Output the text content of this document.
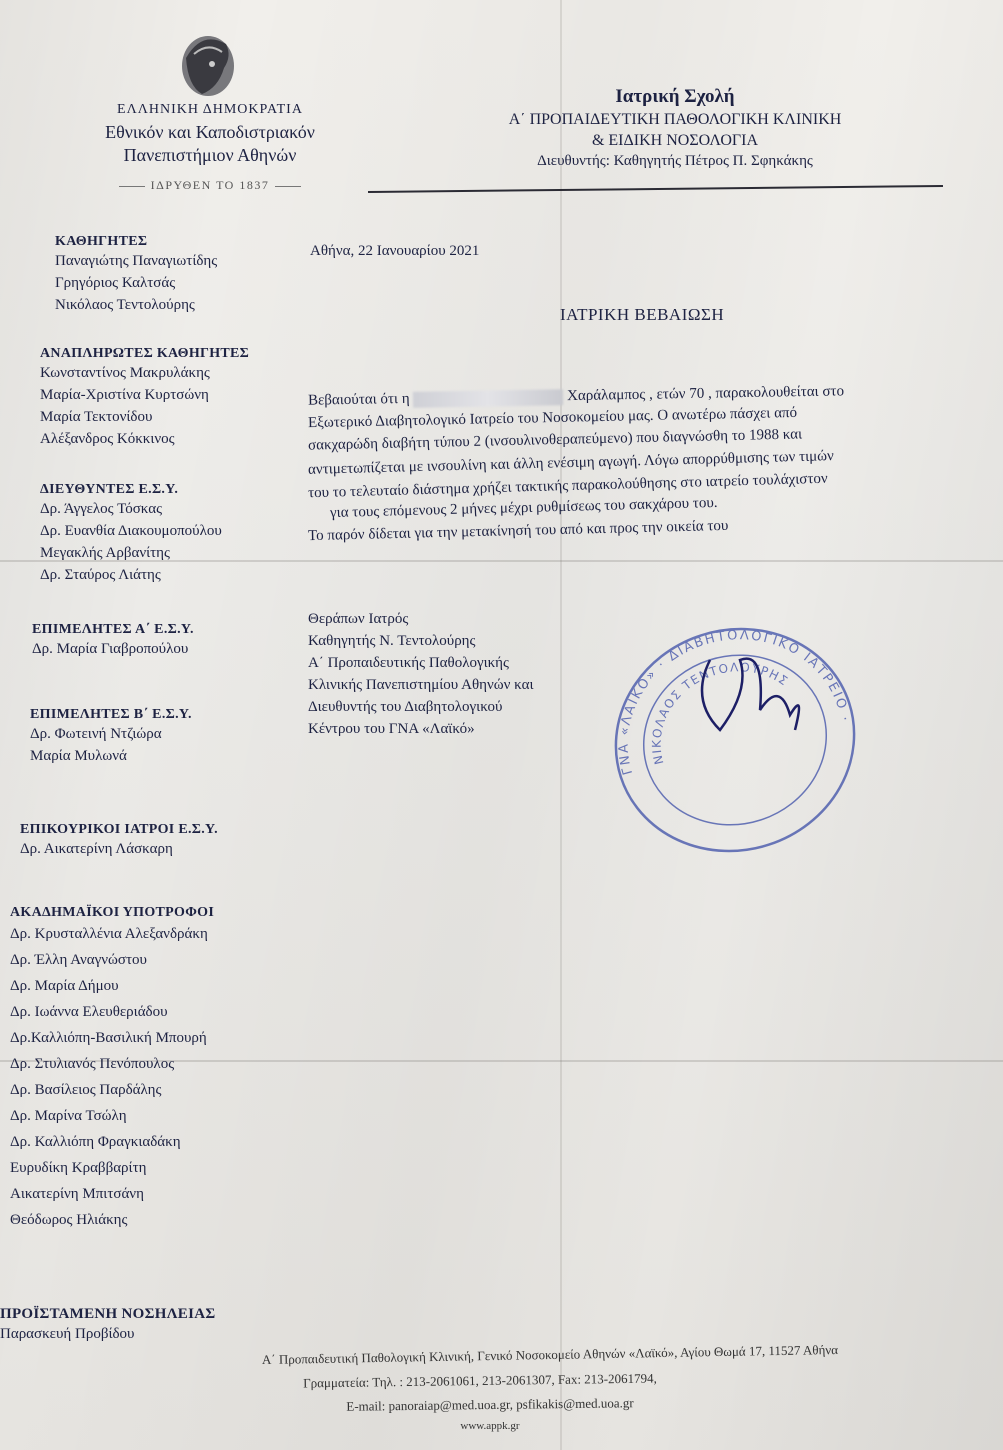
ΕΛΛΗΝΙΚΗ ΔΗΜΟΚΡΑΤΙΑ
Εθνικόν και Καποδιστριακόν
Πανεπιστήμιον Αθηνών
ΙΔΡΥΘΕΝ ΤΟ 1837
Ιατρική Σχολή
Α΄ ΠΡΟΠΑΙΔΕΥΤΙΚΗ ΠΑΘΟΛΟΓΙΚΗ ΚΛΙΝΙΚΗ
& ΕΙΔΙΚΗ ΝΟΣΟΛΟΓΙΑ
Διευθυντής: Καθηγητής Πέτρος Π. Σφηκάκης
ΚΑΘΗΓΗΤΕΣ
Παναγιώτης Παναγιωτίδης
Γρηγόριος Καλτσάς
Νικόλαος Τεντολούρης
ΑΝΑΠΛΗΡΩΤΕΣ ΚΑΘΗΓΗΤΕΣ
Κωνσταντίνος Μακρυλάκης
Μαρία-Χριστίνα Κυρτσώνη
Μαρία Τεκτονίδου
Αλέξανδρος Κόκκινος
ΔΙΕΥΘΥΝΤΕΣ Ε.Σ.Υ.
Δρ. Άγγελος Τόσκας
Δρ. Ευανθία Διακουμοπούλου
Μεγακλής Αρβανίτης
Δρ. Σταύρος Λιάτης
ΕΠΙΜΕΛΗΤΕΣ Α΄ Ε.Σ.Υ.
Δρ. Μαρία Γιαβροπούλου
ΕΠΙΜΕΛΗΤΕΣ Β΄ Ε.Σ.Υ.
Δρ. Φωτεινή Ντζιώρα
Μαρία Μυλωνά
ΕΠΙΚΟΥΡΙΚΟΙ ΙΑΤΡΟΙ Ε.Σ.Υ.
Δρ. Αικατερίνη Λάσκαρη
ΑΚΑΔΗΜΑΪΚΟΙ ΥΠΟΤΡΟΦΟΙ
Δρ. Κρυσταλλένια Αλεξανδράκη
Δρ. Έλλη Αναγνώστου
Δρ. Μαρία Δήμου
Δρ. Ιωάννα Ελευθεριάδου
Δρ.Καλλιόπη-Βασιλική Μπουρή
Δρ. Στυλιανός Πενόπουλος
Δρ. Βασίλειος Παρδάλης
Δρ. Μαρίνα Τσώλη
Δρ. Καλλιόπη Φραγκιαδάκη
Ευρυδίκη Κραββαρίτη
Αικατερίνη Μπιτσάνη
Θεόδωρος Ηλιάκης
ΠΡΟΪΣΤΑΜΕΝΗ ΝΟΣΗΛΕΙΑΣ
Παρασκευή Προβίδου
Αθήνα, 22 Ιανουαρίου 2021
ΙΑΤΡΙΚΗ ΒΕΒΑΙΩΣΗ
Βεβαιούται ότι η	Χαράλαμπος , ετών 70 , παρακολουθείται στο
Εξωτερικό Διαβητολογικό Ιατρείο του Νοσοκομείου μας. Ο ανωτέρω πάσχει από
σακχαρώδη διαβήτη τύπου 2 (ινσουλινοθεραπεύμενο) που διαγνώσθη το 1988 και
αντιμετωπίζεται με ινσουλίνη και άλλη ενέσιμη αγωγή. Λόγω απορρύθμισης των τιμών
του το τελευταίο διάστημα χρήζει τακτικής παρακολούθησης στο ιατρείο τουλάχιστον
για τους επόμενους 2 μήνες μέχρι ρυθμίσεως του σακχάρου του.
Το παρόν δίδεται για την μετακίνησή του από και προς την οικεία του
Θεράπων Ιατρός
Καθηγητής Ν. Τεντολούρης
Α΄ Προπαιδευτικής Παθολογικής
Κλινικής Πανεπιστημίου Αθηνών και
Διευθυντής του Διαβητολογικού
Κέντρου του ΓΝΑ «Λαϊκό»
ΓΝΑ «ΛΑΪΚΟ» · ΔΙΑΒΗΤΟΛΟΓΙΚΟ ΙΑΤΡΕΙΟ ·
ΝΙΚΟΛΑΟΣ ΤΕΝΤΟΛΟΥΡΗΣ
Α΄ Προπαιδευτική Παθολογική Κλινική, Γενικό Νοσοκομείο Αθηνών «Λαϊκό», Αγίου Θωμά 17, 11527 Αθήνα
Γραμματεία: Τηλ. : 213-2061061, 213-2061307, Fax: 213-2061794,
E-mail: panoraiap@med.uoa.gr, psfikakis@med.uoa.gr
www.appk.gr
